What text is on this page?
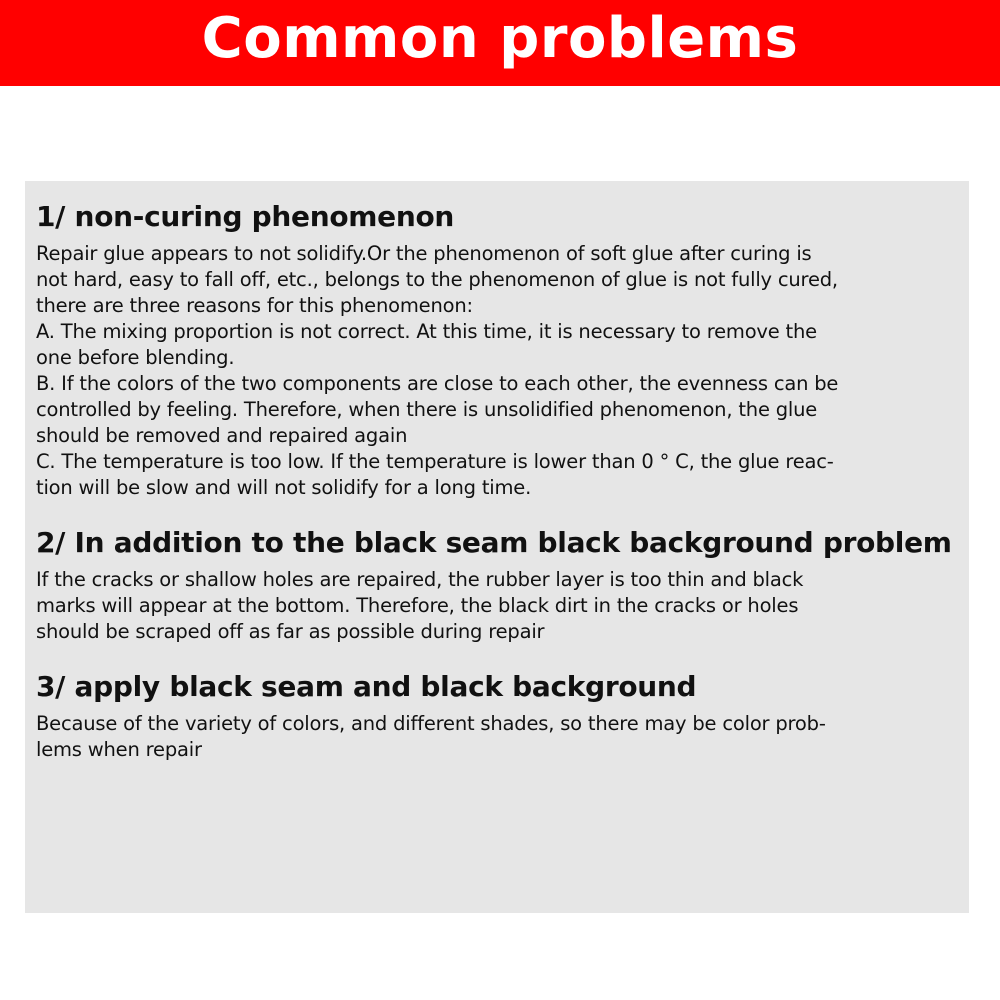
Common problems
1/ non-curing phenomenon

Repair glue appears to not solidify.Or the phenomenon of soft glue after curing is
not hard, easy to fall off, etc., belongs to the phenomenon of glue is not fully cured,
there are three reasons for this phenomenon:
A. The mixing proportion is not correct. At this time, it is necessary to remove the
one before blending.
B. If the colors of the two components are close to each other, the evenness can be
controlled by feeling. Therefore, when there is unsolidified phenomenon, the glue
should be removed and repaired again
C. The temperature is too low. If the temperature is lower than 0 ° C, the glue reac-
tion will be slow and will not solidify for a long time.

2/ In addition to the black seam black background problem

If the cracks or shallow holes are repaired, the rubber layer is too thin and black
marks will appear at the bottom. Therefore, the black dirt in the cracks or holes
should be scraped off as far as possible during repair

3/ apply black seam and black background

Because of the variety of colors, and different shades, so there may be color prob-
lems when repair
